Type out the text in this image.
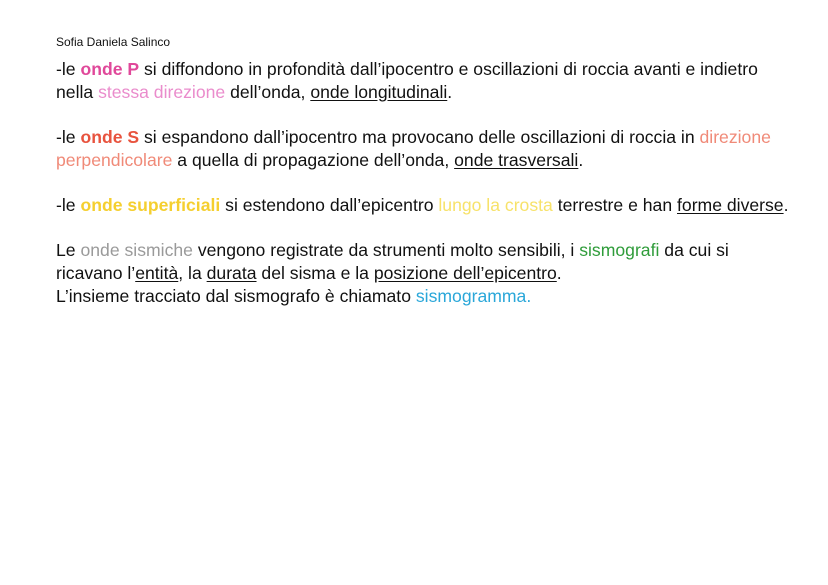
Sofia Daniela Salinco

-le onde P si diffondono in profondità dall’ipocentro e oscillazioni di roccia avanti e indietro nella stessa direzione dell’onda, onde longitudinali.

-le onde S si espandono dall’ipocentro ma provocano delle oscillazioni di roccia in direzione perpendicolare a quella di propagazione dell’onda, onde trasversali.

-le onde superficiali si estendono dall’epicentro lungo la crosta terrestre e han forme diverse.

Le onde sismiche vengono registrate da strumenti molto sensibili, i sismografi da cui si ricavano l’entità, la durata del sisma e la posizione dell’epicentro.
L’insieme tracciato dal sismografo è chiamato sismogramma.
